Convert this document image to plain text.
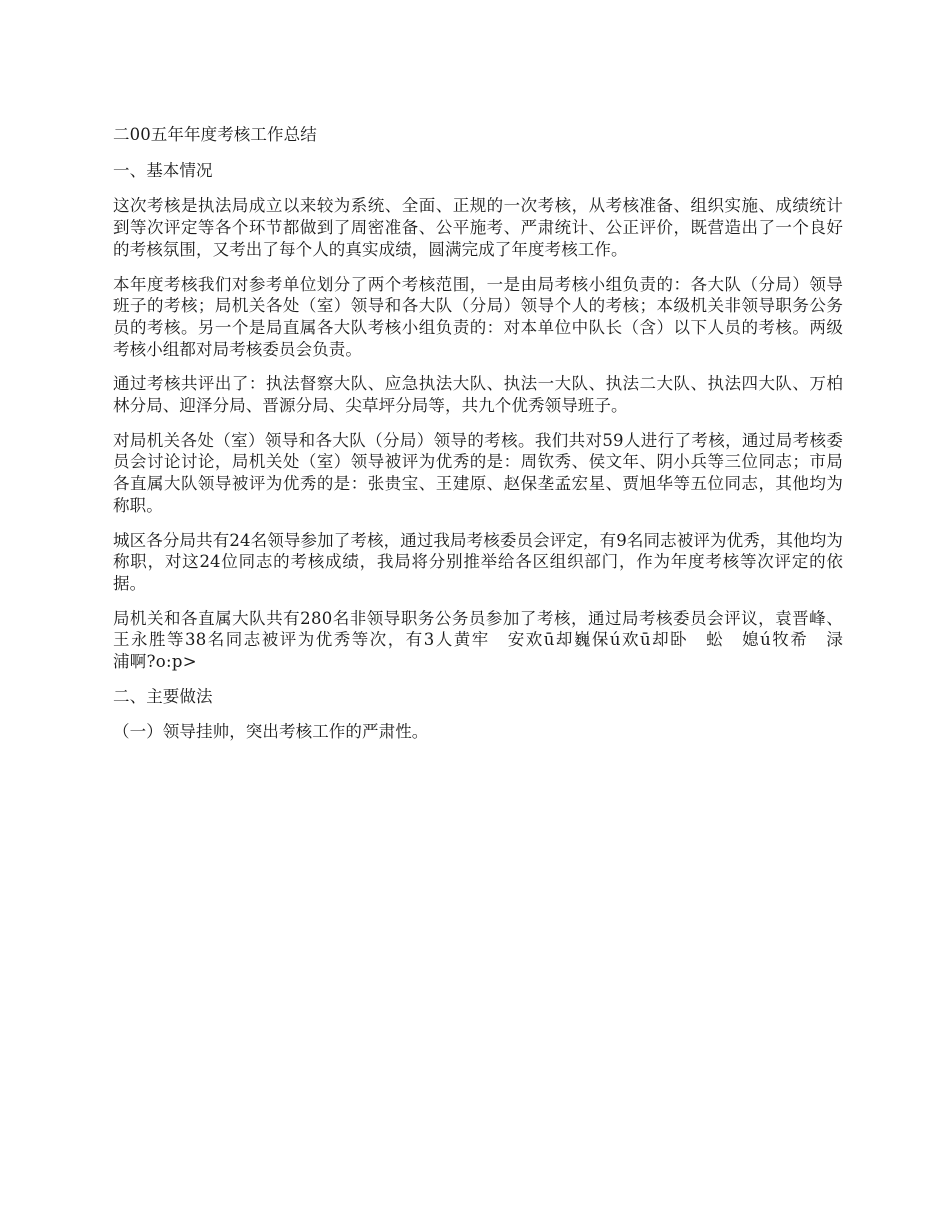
二00五年年度考核工作总结

一、基本情况

这次考核是执法局成立以来较为系统、全面、正规的一次考核，从考核准备、组织实施、成绩统计到等次评定等各个环节都做到了周密准备、公平施考、严肃统计、公正评价，既营造出了一个良好的考核氛围，又考出了每个人的真实成绩，圆满完成了年度考核工作。

本年度考核我们对参考单位划分了两个考核范围，一是由局考核小组负责的：各大队（分局）领导班子的考核；局机关各处（室）领导和各大队（分局）领导个人的考核；本级机关非领导职务公务员的考核。另一个是局直属各大队考核小组负责的：对本单位中队长（含）以下人员的考核。两级考核小组都对局考核委员会负责。

通过考核共评出了：执法督察大队、应急执法大队、执法一大队、执法二大队、执法四大队、万柏林分局、迎泽分局、晋源分局、尖草坪分局等，共九个优秀领导班子。

对局机关各处（室）领导和各大队（分局）领导的考核。我们共对59人进行了考核，通过局考核委员会讨论讨论，局机关处（室）领导被评为优秀的是：周钦秀、侯文年、阴小兵等三位同志；市局各直属大队领导被评为优秀的是：张贵宝、王建原、赵保垄孟宏星、贾旭华等五位同志，其他均为称职。

城区各分局共有24名领导参加了考核，通过我局考核委员会评定，有9名同志被评为优秀，其他均为称职，对这24位同志的考核成绩，我局将分别推举给各区组织部门，作为年度考核等次评定的依据。

局机关和各直属大队共有280名非领导职务公务员参加了考核，通过局考核委员会评议，袁晋峰、王永胜等38名同志被评为优秀等次，有3人黄牢　安欢ū却巍保ú欢ū却卧　蚣　媳ú牧希　渌　　　浦啊?o:p>

二、主要做法

（一）领导挂帅，突出考核工作的严肃性。
